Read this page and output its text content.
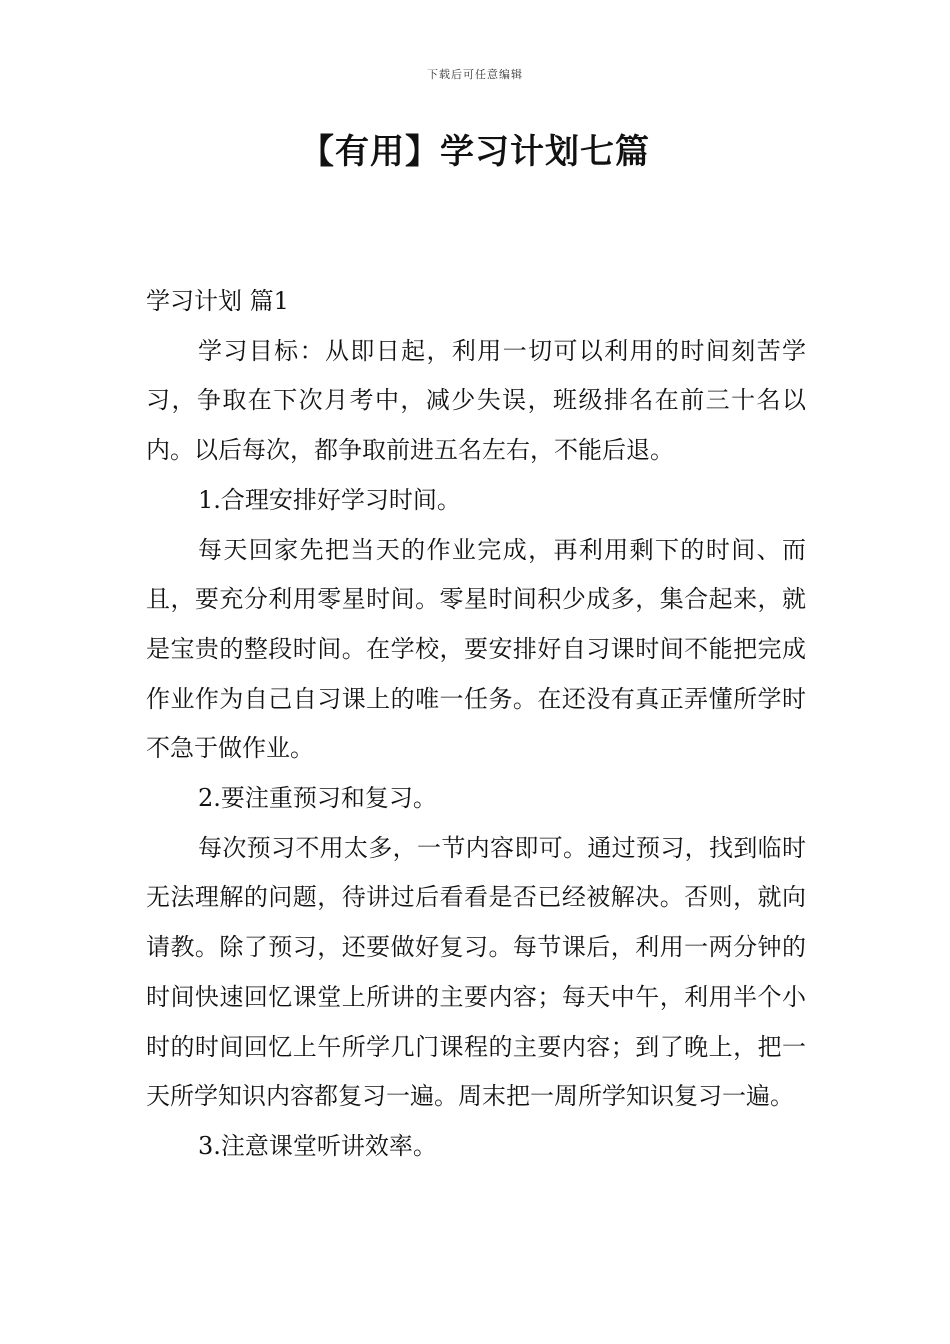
下载后可任意编辑
【有用】学习计划七篇

学习计划 篇1

学习目标：从即日起，利用一切可以利用的时间刻苦学习，争取在下次月考中，减少失误，班级排名在前三十名以内。以后每次，都争取前进五名左右，不能后退。

1.合理安排好学习时间。

每天回家先把当天的作业完成，再利用剩下的时间、而且，要充分利用零星时间。零星时间积少成多，集合起来，就是宝贵的整段时间。在学校，要安排好自习课时间不能把完成作业作为自己自习课上的唯一任务。在还没有真正弄懂所学时不急于做作业。

2.要注重预习和复习。

每次预习不用太多，一节内容即可。通过预习，找到临时无法理解的问题，待讲过后看看是否已经被解决。否则，就向请教。除了预习，还要做好复习。每节课后，利用一两分钟的时间快速回忆课堂上所讲的主要内容；每天中午，利用半个小时的时间回忆上午所学几门课程的主要内容；到了晚上，把一天所学知识内容都复习一遍。周末把一周所学知识复习一遍。

3.注意课堂听讲效率。
